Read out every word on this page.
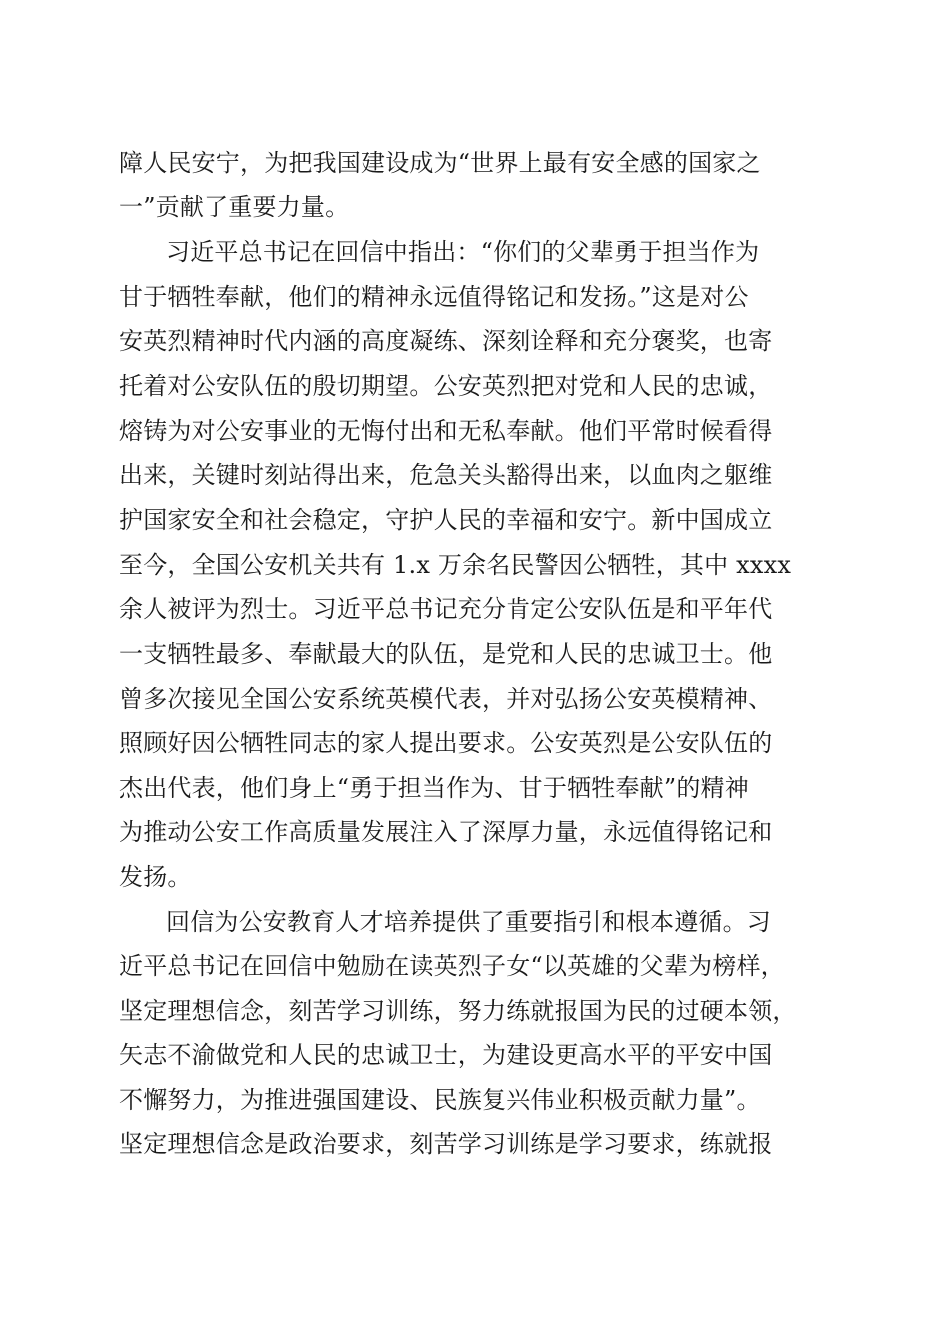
障人民安宁，为把我国建设成为“世界上最有安全感的国家之
一”贡献了重要力量。
习近平总书记在回信中指出：“你们的父辈勇于担当作为
甘于牺牲奉献，他们的精神永远值得铭记和发扬。”这是对公
安英烈精神时代内涵的高度凝练、深刻诠释和充分褒奖，也寄
托着对公安队伍的殷切期望。公安英烈把对党和人民的忠诚，
熔铸为对公安事业的无悔付出和无私奉献。他们平常时候看得
出来，关键时刻站得出来，危急关头豁得出来，以血肉之躯维
护国家安全和社会稳定，守护人民的幸福和安宁。新中国成立
至今，全国公安机关共有 1.x 万余名民警因公牺牲，其中 xxxx
余人被评为烈士。习近平总书记充分肯定公安队伍是和平年代
一支牺牲最多、奉献最大的队伍，是党和人民的忠诚卫士。他
曾多次接见全国公安系统英模代表，并对弘扬公安英模精神、
照顾好因公牺牲同志的家人提出要求。公安英烈是公安队伍的
杰出代表，他们身上“勇于担当作为、甘于牺牲奉献”的精神
为推动公安工作高质量发展注入了深厚力量，永远值得铭记和
发扬。
回信为公安教育人才培养提供了重要指引和根本遵循。习
近平总书记在回信中勉励在读英烈子女“以英雄的父辈为榜样，
坚定理想信念，刻苦学习训练，努力练就报国为民的过硬本领，
矢志不渝做党和人民的忠诚卫士，为建设更高水平的平安中国
不懈努力，为推进强国建设、民族复兴伟业积极贡献力量”。
坚定理想信念是政治要求，刻苦学习训练是学习要求，练就报
